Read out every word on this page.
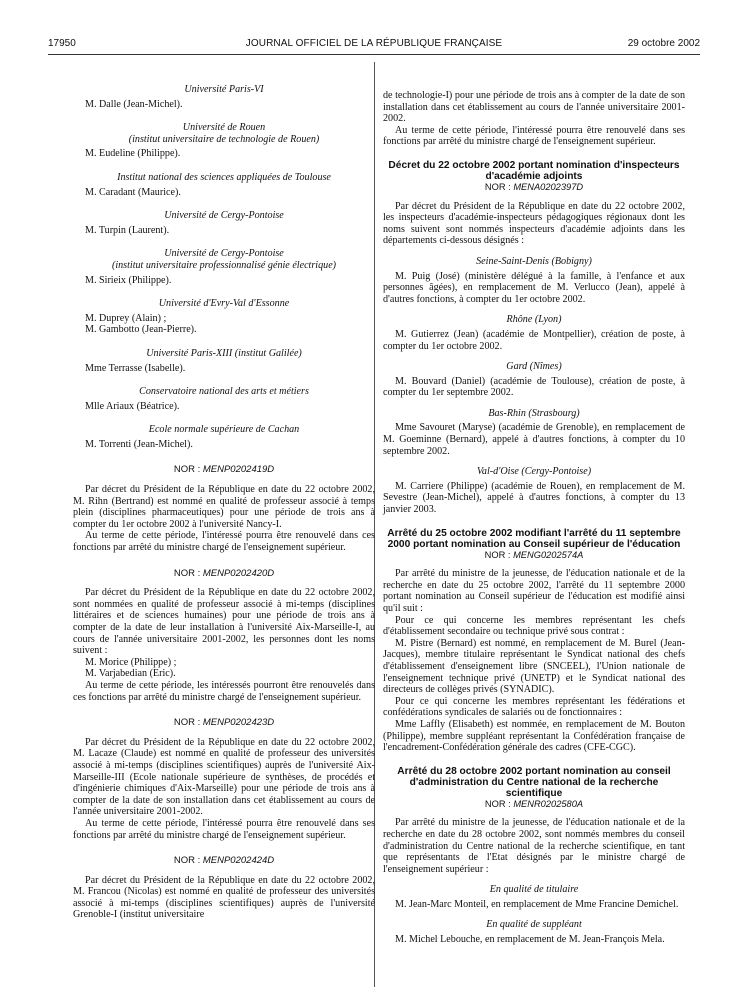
17950	JOURNAL OFFICIEL DE LA RÉPUBLIQUE FRANÇAISE	29 octobre 2002

Université Paris-VI

M. Dalle (Jean-Michel).

Université de Rouen

(institut universitaire de technologie de Rouen)

M. Eudeline (Philippe).

Institut national des sciences appliquées de Toulouse

M. Caradant (Maurice).

Université de Cergy-Pontoise

M. Turpin (Laurent).

Université de Cergy-Pontoise

(institut universitaire professionnalisé génie électrique)

M. Sirieix (Philippe).

Université d'Evry-Val d'Essonne

M. Duprey (Alain) ;

M. Gambotto (Jean-Pierre).

Université Paris-XIII (institut Galilée)

Mme Terrasse (Isabelle).

Conservatoire national des arts et métiers

Mlle Ariaux (Béatrice).

Ecole normale supérieure de Cachan

M. Torrenti (Jean-Michel).

NOR : MENP0202419D

Par décret du Président de la République en date du 22 octobre 2002, M. Rihn (Bertrand) est nommé en qualité de professeur associé à temps plein (disciplines pharmaceutiques) pour une période de trois ans à compter du 1er octobre 2002 à l'université Nancy-I.

Au terme de cette période, l'intéressé pourra être renouvelé dans ces fonctions par arrêté du ministre chargé de l'enseignement supérieur.

NOR : MENP0202420D

Par décret du Président de la République en date du 22 octobre 2002, sont nommées en qualité de professeur associé à mi-temps (disciplines littéraires et de sciences humaines) pour une période de trois ans à compter de la date de leur installation à l'université Aix-Marseille-I, au cours de l'année universitaire 2001-2002, les personnes dont les noms suivent :

M. Morice (Philippe) ;

M. Varjabedian (Eric).

Au terme de cette période, les intéressés pourront être renouvelés dans ces fonctions par arrêté du ministre chargé de l'enseignement supérieur.

NOR : MENP0202423D

Par décret du Président de la République en date du 22 octobre 2002, M. Lacaze (Claude) est nommé en qualité de professeur des universités associé à mi-temps (disciplines scientifiques) auprès de l'université Aix-Marseille-III (Ecole nationale supérieure de synthèses, de procédés et d'ingénierie chimiques d'Aix-Marseille) pour une période de trois ans à compter de la date de son installation dans cet établissement au cours de l'année universitaire 2001-2002.

Au terme de cette période, l'intéressé pourra être renouvelé dans ses fonctions par arrêté du ministre chargé de l'enseignement supérieur.

NOR : MENP0202424D

Par décret du Président de la République en date du 22 octobre 2002, M. Francou (Nicolas) est nommé en qualité de professeur des universités associé à mi-temps (disciplines scientifiques) auprès de l'université Grenoble-I (institut universitaire

de technologie-I) pour une période de trois ans à compter de la date de son installation dans cet établissement au cours de l'année universitaire 2001-2002.

Au terme de cette période, l'intéressé pourra être renouvelé dans ses fonctions par arrêté du ministre chargé de l'enseignement supérieur.

Décret du 22 octobre 2002 portant nomination d'inspecteurs d'académie adjoints

NOR : MENA0202397D

Par décret du Président de la République en date du 22 octobre 2002, les inspecteurs d'académie-inspecteurs pédagogiques régionaux dont les noms suivent sont nommés inspecteurs d'académie adjoints dans les départements ci-dessous désignés :

Seine-Saint-Denis (Bobigny)

M. Puig (José) (ministère délégué à la famille, à l'enfance et aux personnes âgées), en remplacement de M. Verlucco (Jean), appelé à d'autres fonctions, à compter du 1er octobre 2002.

Rhône (Lyon)

M. Gutierrez (Jean) (académie de Montpellier), création de poste, à compter du 1er octobre 2002.

Gard (Nîmes)

M. Bouvard (Daniel) (académie de Toulouse), création de poste, à compter du 1er septembre 2002.

Bas-Rhin (Strasbourg)

Mme Savouret (Maryse) (académie de Grenoble), en remplacement de M. Goeminne (Bernard), appelé à d'autres fonctions, à compter du 10 septembre 2002.

Val-d'Oise (Cergy-Pontoise)

M. Carriere (Philippe) (académie de Rouen), en remplacement de M. Sevestre (Jean-Michel), appelé à d'autres fonctions, à compter du 13 janvier 2003.

Arrêté du 25 octobre 2002 modifiant l'arrêté du 11 septembre 2000 portant nomination au Conseil supérieur de l'éducation

NOR : MENG0202574A

Par arrêté du ministre de la jeunesse, de l'éducation nationale et de la recherche en date du 25 octobre 2002, l'arrêté du 11 septembre 2000 portant nomination au Conseil supérieur de l'éducation est modifié ainsi qu'il suit :

Pour ce qui concerne les membres représentant les chefs d'établissement secondaire ou technique privé sous contrat :

M. Pistre (Bernard) est nommé, en remplacement de M. Burel (Jean-Jacques), membre titulaire représentant le Syndicat national des chefs d'établissement d'enseignement libre (SNCEEL), l'Union nationale de l'enseignement technique privé (UNETP) et le Syndicat national des directeurs de collèges privés (SYNADIC).

Pour ce qui concerne les membres représentant les fédérations et confédérations syndicales de salariés ou de fonctionnaires :

Mme Laffly (Elisabeth) est nommée, en remplacement de M. Bouton (Philippe), membre suppléant représentant la Confédération française de l'encadrement-Confédération générale des cadres (CFE-CGC).

Arrêté du 28 octobre 2002 portant nomination au conseil d'administration du Centre national de la recherche scientifique

NOR : MENR0202580A

Par arrêté du ministre de la jeunesse, de l'éducation nationale et de la recherche en date du 28 octobre 2002, sont nommés membres du conseil d'administration du Centre national de la recherche scientifique, en tant que représentants de l'Etat désignés par le ministre chargé de l'enseignement supérieur :

En qualité de titulaire

M. Jean-Marc Monteil, en remplacement de Mme Francine Demichel.

En qualité de suppléant

M. Michel Lebouche, en remplacement de M. Jean-François Mela.
